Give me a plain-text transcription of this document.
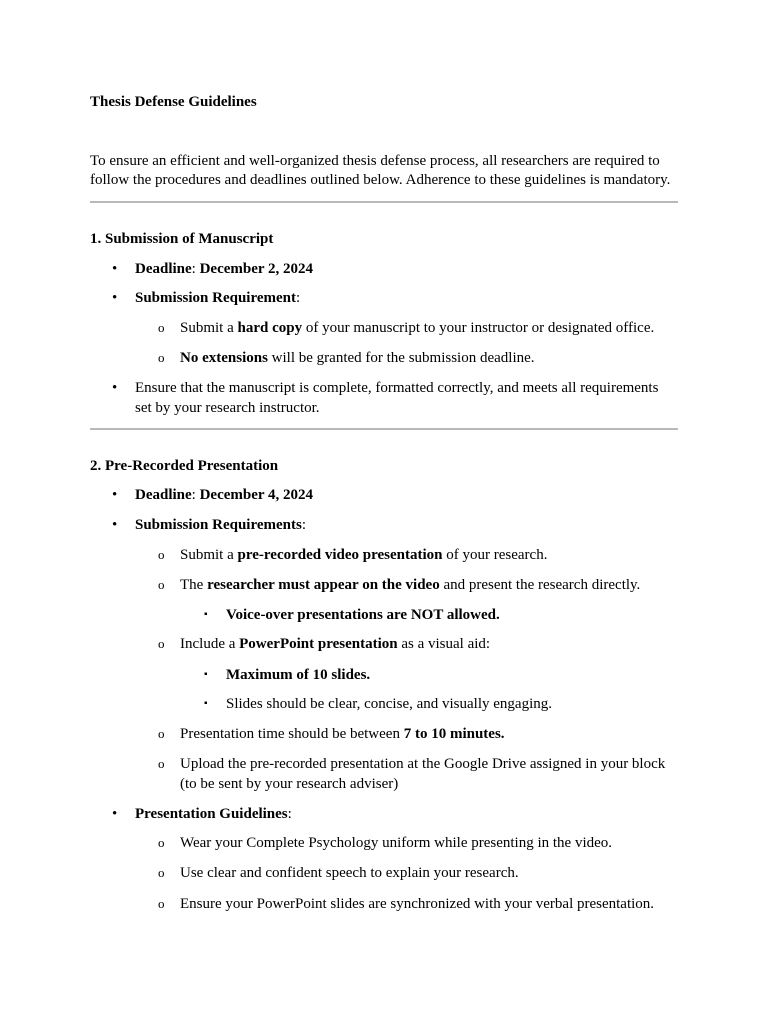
Thesis Defense Guidelines
To ensure an efficient and well-organized thesis defense process, all researchers are required to
follow the procedures and deadlines outlined below. Adherence to these guidelines is mandatory.
1. Submission of Manuscript
• Deadline: December 2, 2024
• Submission Requirement:
o Submit a hard copy of your manuscript to your instructor or designated office.
o No extensions will be granted for the submission deadline.
• Ensure that the manuscript is complete, formatted correctly, and meets all requirements
set by your research instructor.
2. Pre-Recorded Presentation
• Deadline: December 4, 2024
• Submission Requirements:
o Submit a pre-recorded video presentation of your research.
o The researcher must appear on the video and present the research directly.
▪ Voice-over presentations are NOT allowed.
o Include a PowerPoint presentation as a visual aid:
▪ Maximum of 10 slides.
▪ Slides should be clear, concise, and visually engaging.
o Presentation time should be between 7 to 10 minutes.
o Upload the pre-recorded presentation at the Google Drive assigned in your block
(to be sent by your research adviser)
• Presentation Guidelines:
o Wear your Complete Psychology uniform while presenting in the video.
o Use clear and confident speech to explain your research.
o Ensure your PowerPoint slides are synchronized with your verbal presentation.
